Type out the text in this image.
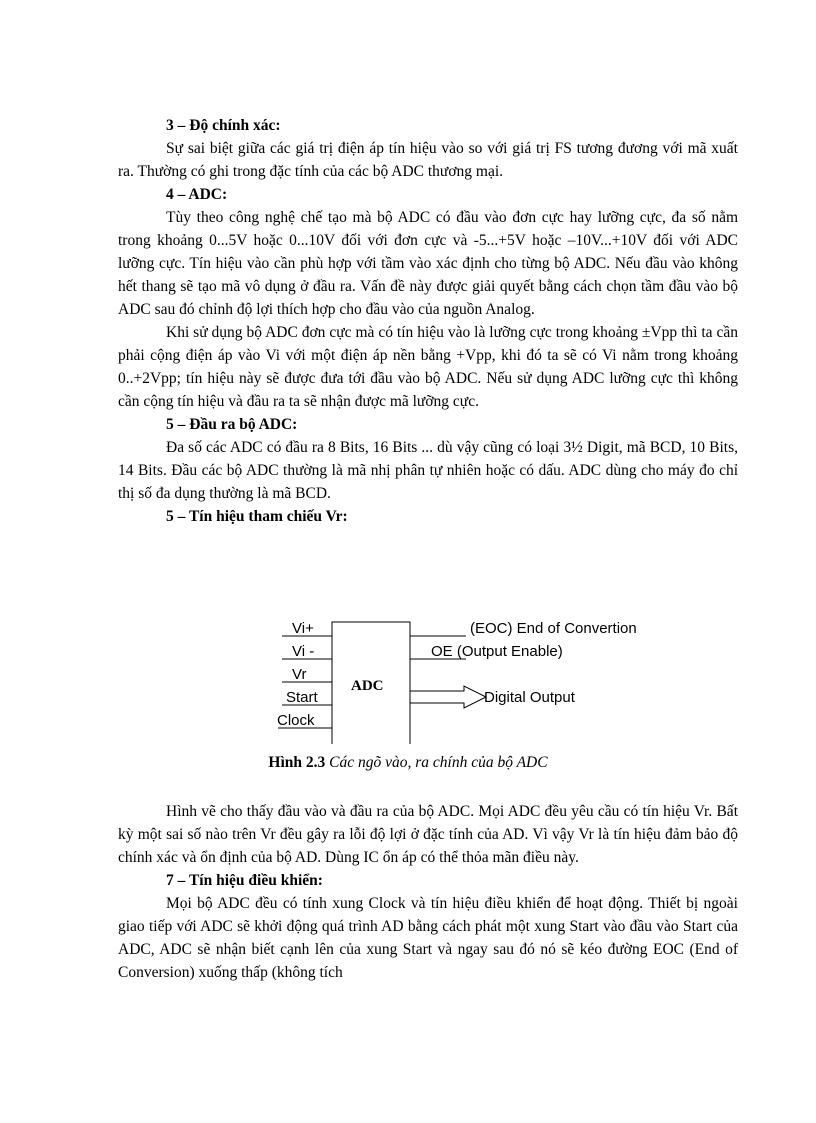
3 – Độ chính xác:

Sự sai biệt giữa các giá trị điện áp tín hiệu vào so với giá trị FS tương đương với mã xuất ra. Thường có ghi trong đặc tính của các bộ ADC thương mại.

4 – ADC:

Tùy theo công nghệ chế tạo mà bộ ADC có đầu vào đơn cực hay lưỡng cực, đa số nằm trong khoảng 0...5V hoặc 0...10V đối với đơn cực và -5...+5V hoặc –10V...+10V đối với ADC lưỡng cực. Tín hiệu vào cần phù hợp với tầm vào xác định cho từng bộ ADC. Nếu đầu vào không hết thang sẽ tạo mã vô dụng ở đầu ra. Vấn đề này được giải quyết bằng cách chọn tầm đầu vào bộ ADC sau đó chỉnh độ lợi thích hợp cho đầu vào của nguồn Analog.

Khi sử dụng bộ ADC đơn cực mà có tín hiệu vào là lưỡng cực trong khoảng ±Vpp thì ta cần phải cộng điện áp vào Vi với một điện áp nền bằng +Vpp, khi đó ta sẽ có Vi nằm trong khoảng 0..+2Vpp; tín hiệu này sẽ được đưa tới đầu vào bộ ADC. Nếu sử dụng ADC lưỡng cực thì không cần cộng tín hiệu và đầu ra ta sẽ nhận được mã lưỡng cực.

5 – Đầu ra bộ ADC:

Đa số các ADC có đầu ra 8 Bits, 16 Bits ... dù vậy cũng có loại 3½ Digit, mã BCD, 10 Bits, 14 Bits. Đầu các bộ ADC thường là mã nhị phân tự nhiên hoặc có dấu. ADC dùng cho máy đo chỉ thị số đa dụng thường là mã BCD.

5 – Tín hiệu tham chiếu Vr:

ADC
Vi+
Vi -
Vr
Start
Clock
(EOC) End of Convertion
OE (Output Enable)
Digital Output
Hình 2.3 Các ngõ vào, ra chính của bộ ADC

Hình vẽ cho thấy đầu vào và đầu ra của bộ ADC. Mọi ADC đều yêu cầu có tín hiệu Vr. Bất kỳ một sai số nào trên Vr đều gây ra lỗi độ lợi ở đặc tính của AD. Vì vậy Vr là tín hiệu đảm bảo độ chính xác và ổn định của bộ AD. Dùng IC ổn áp có thể thỏa mãn điều này.

7 – Tín hiệu điều khiển:

Mọi bộ ADC đều có tính xung Clock và tín hiệu điều khiển để hoạt động. Thiết bị ngoài giao tiếp với ADC sẽ khởi động quá trình AD bằng cách phát một xung Start vào đầu vào Start của ADC, ADC sẽ nhận biết cạnh lên của xung Start và ngay sau đó nó sẽ kéo đường EOC (End of Conversion) xuống thấp (không tích
